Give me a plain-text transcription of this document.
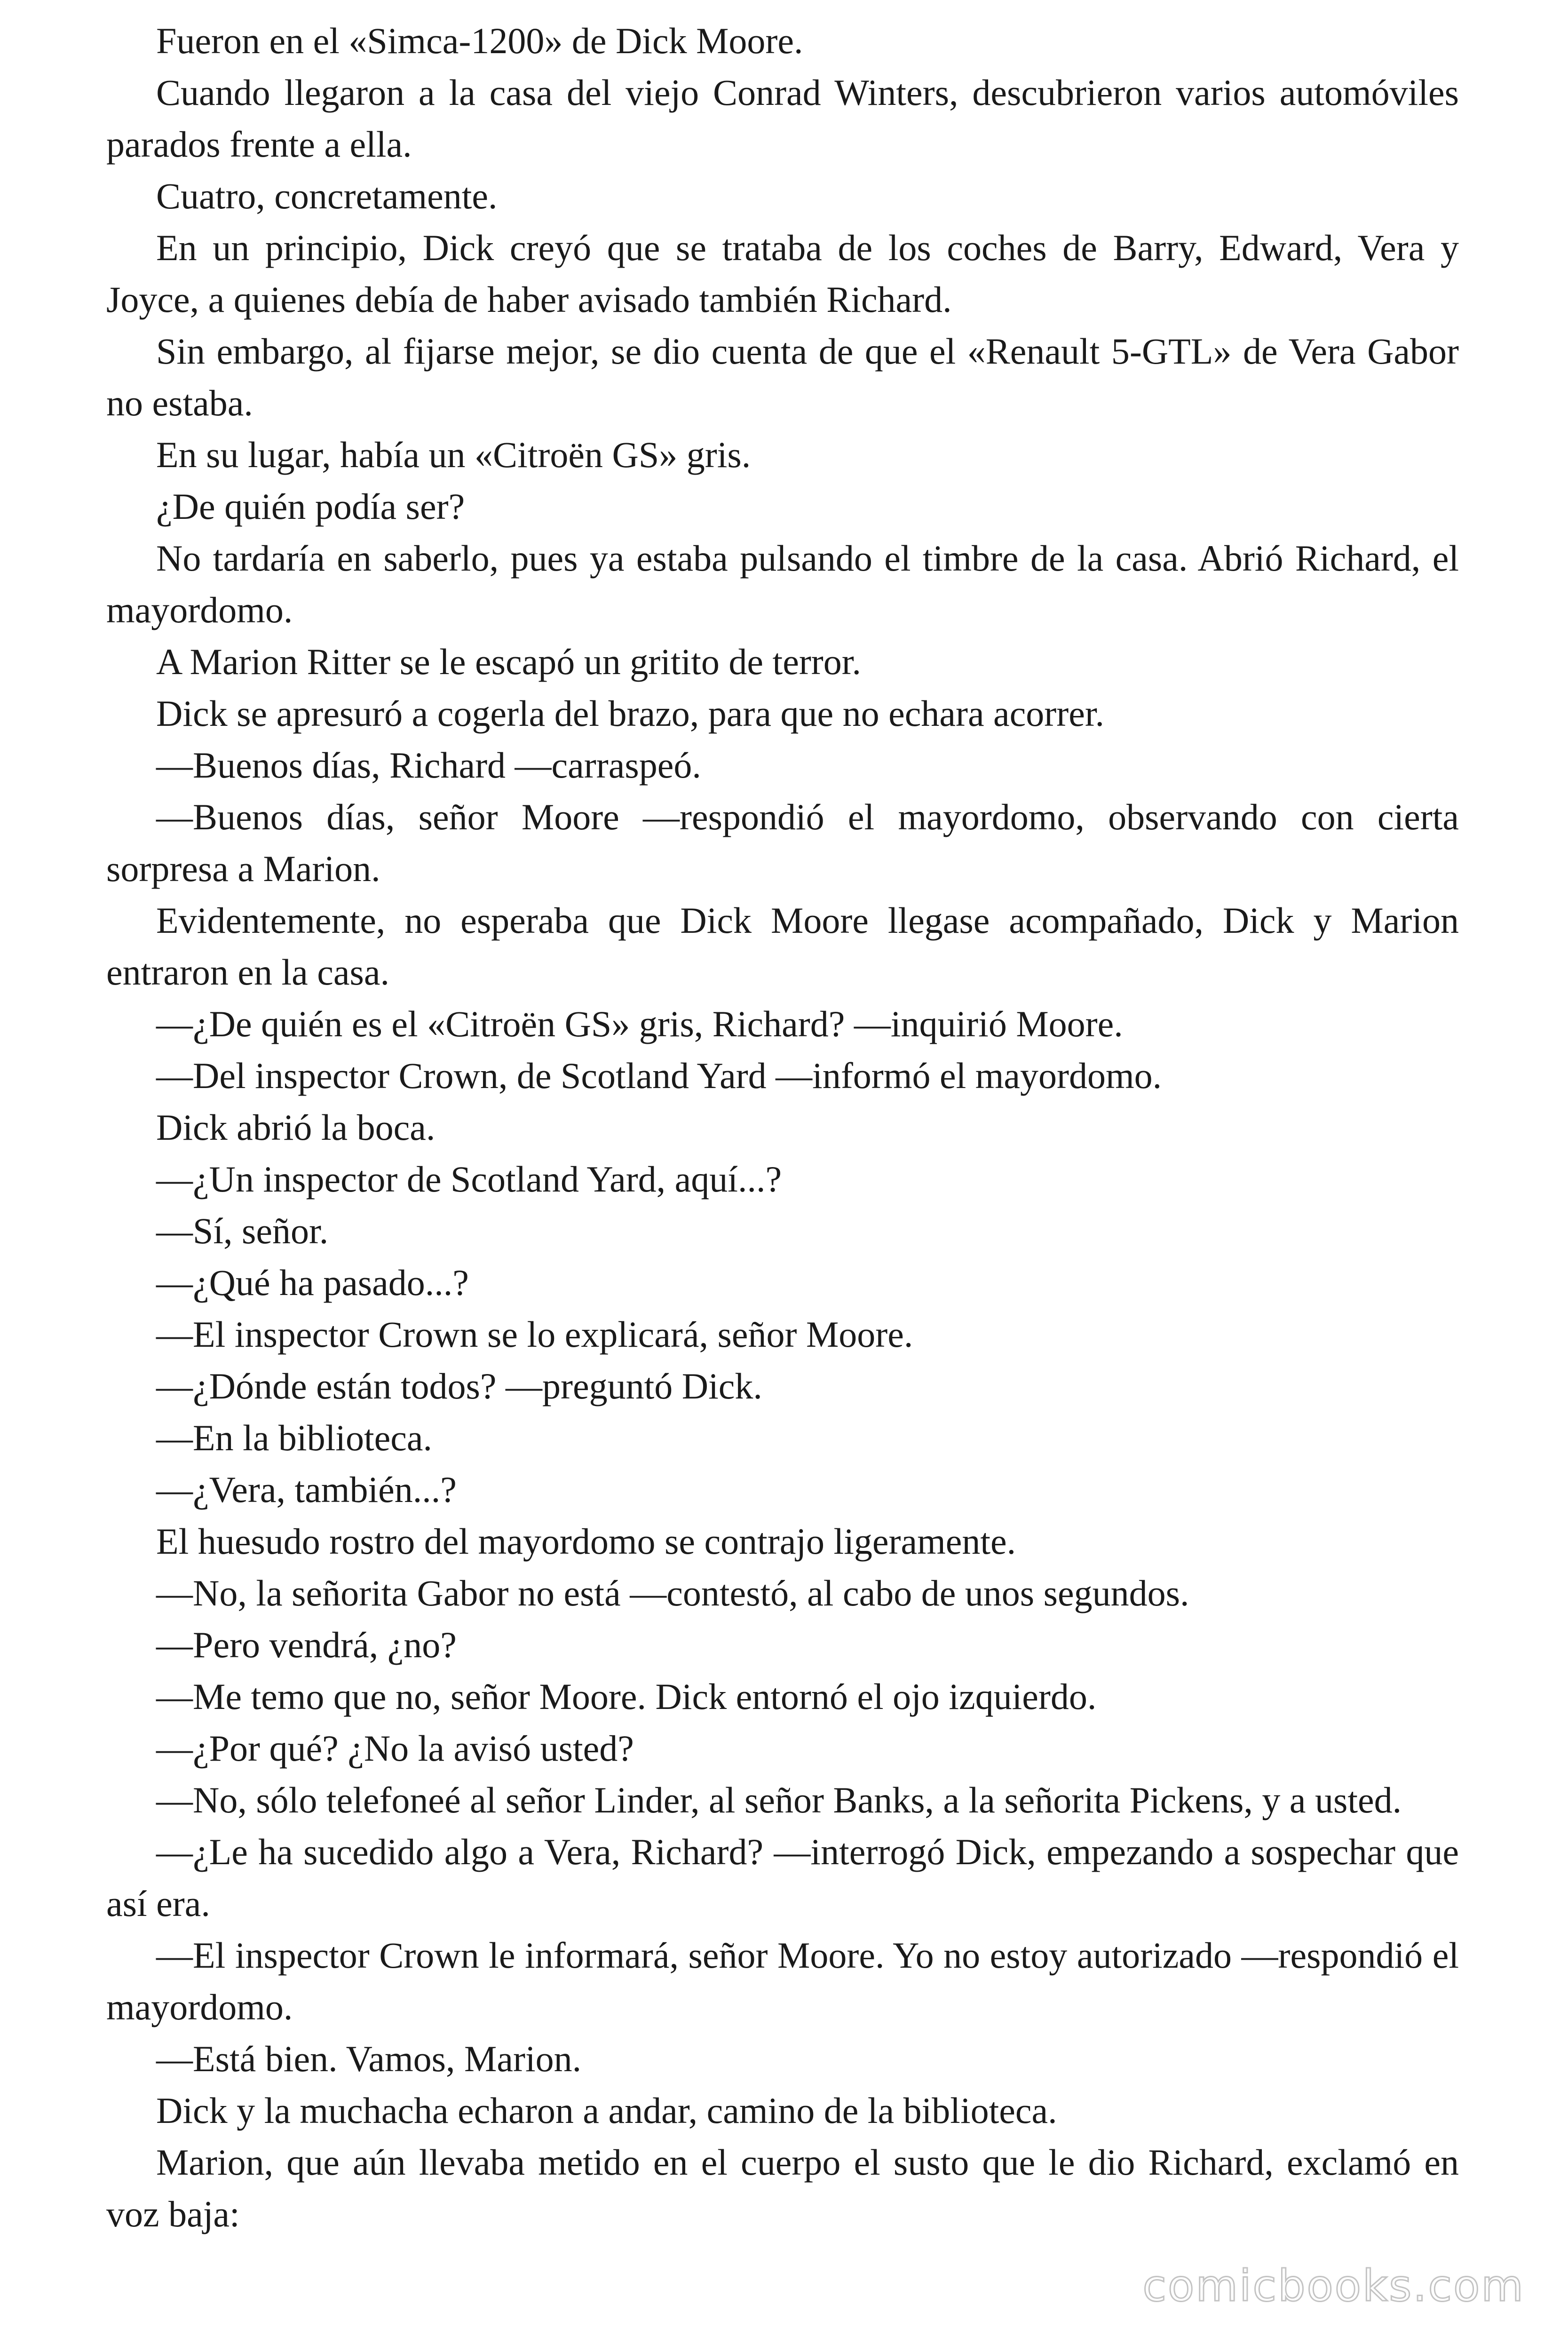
Fueron en el «Simca-1200» de Dick Moore.

Cuando llegaron a la casa del viejo Conrad Winters, descubrieron varios automóviles parados frente a ella.

Cuatro, concretamente.

En un principio, Dick creyó que se trataba de los coches de Barry, Edward, Vera y Joyce, a quienes debía de haber avisado también Richard.

Sin embargo, al fijarse mejor, se dio cuenta de que el «Renault 5-GTL» de Vera Gabor no estaba.

En su lugar, había un «Citroën GS» gris.

¿De quién podía ser?

No tardaría en saberlo, pues ya estaba pulsando el timbre de la casa. Abrió Richard, el mayordomo.

A Marion Ritter se le escapó un gritito de terror.

Dick se apresuró a cogerla del brazo, para que no echara acorrer.

—Buenos días, Richard —carraspeó.

—Buenos días, señor Moore —respondió el mayordomo, observando con cierta sorpresa a Marion.

Evidentemente, no esperaba que Dick Moore llegase acompañado, Dick y Marion entraron en la casa.

—¿De quién es el «Citroën GS» gris, Richard? —inquirió Moore.

—Del inspector Crown, de Scotland Yard —informó el mayordomo.

Dick abrió la boca.

—¿Un inspector de Scotland Yard, aquí...?

—Sí, señor.

—¿Qué ha pasado...?

—El inspector Crown se lo explicará, señor Moore.

—¿Dónde están todos? —preguntó Dick.

—En la biblioteca.

—¿Vera, también...?

El huesudo rostro del mayordomo se contrajo ligeramente.

—No, la señorita Gabor no está —contestó, al cabo de unos segundos.

—Pero vendrá, ¿no?

—Me temo que no, señor Moore. Dick entornó el ojo izquierdo.

—¿Por qué? ¿No la avisó usted?

—No, sólo telefoneé al señor Linder, al señor Banks, a la señorita Pickens, y a usted.

—¿Le ha sucedido algo a Vera, Richard? —interrogó Dick, empezando a sospechar que así era.

—El inspector Crown le informará, señor Moore. Yo no estoy autorizado —respondió el mayordomo.

—Está bien. Vamos, Marion.

Dick y la muchacha echaron a andar, camino de la biblioteca.

Marion, que aún llevaba metido en el cuerpo el susto que le dio Richard, exclamó en voz baja:

comicbooks.com
